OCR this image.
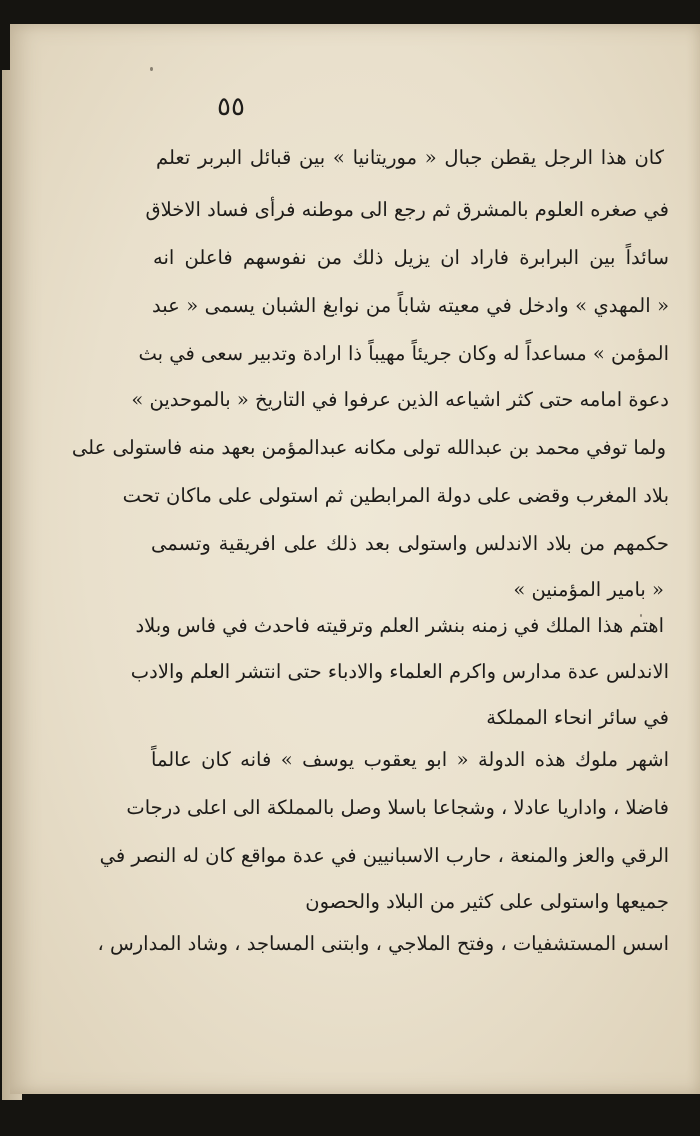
٥٥
كان هذا الرجل يقطن جبال « موريتانيا » بين قبائل البربر تعلم
في صغره العلوم بالمشرق ثم رجع الى موطنه فرأى فساد الاخلاق
سائداً بين البرابرة فاراد ان يزيل ذلك من نفوسهم فاعلن انه
« المهدي » وادخل في معيته شاباً من نوابغ الشبان يسمى « عبد
المؤمن » مساعداً له وكان جريئاً مهيباً ذا ارادة وتدبير سعى في بث
دعوة امامه حتى كثر اشياعه الذين عرفوا في التاريخ « بالموحدين »
ولما توفي محمد بن عبدالله تولى مكانه عبدالمؤمن بعهد منه فاستولى على
بلاد المغرب وقضى على دولة المرابطين ثم استولى على ماكان تحت
حكمهم من بلاد الاندلس واستولى بعد ذلك على افريقية وتسمى
« بامير المؤمنين »
اهتم هذا الملك في زمنه بنشر العلم وترقيته فاحدث في فاس وبلاد
الاندلس عدة مدارس واكرم العلماء والادباء حتى انتشر العلم والادب
في سائر انحاء المملكة
اشهر ملوك هذه الدولة « ابو يعقوب يوسف » فانه كان عالماً
فاضلا ، واداريا عادلا ، وشجاعا باسلا وصل بالمملكة الى اعلى درجات
الرقي والعز والمنعة ، حارب الاسبانيين في عدة مواقع كان له النصر في
جميعها واستولى على كثير من البلاد والحصون
اسس المستشفيات ، وفتح الملاجي ، وابتنى المساجد ، وشاد المدارس ،
